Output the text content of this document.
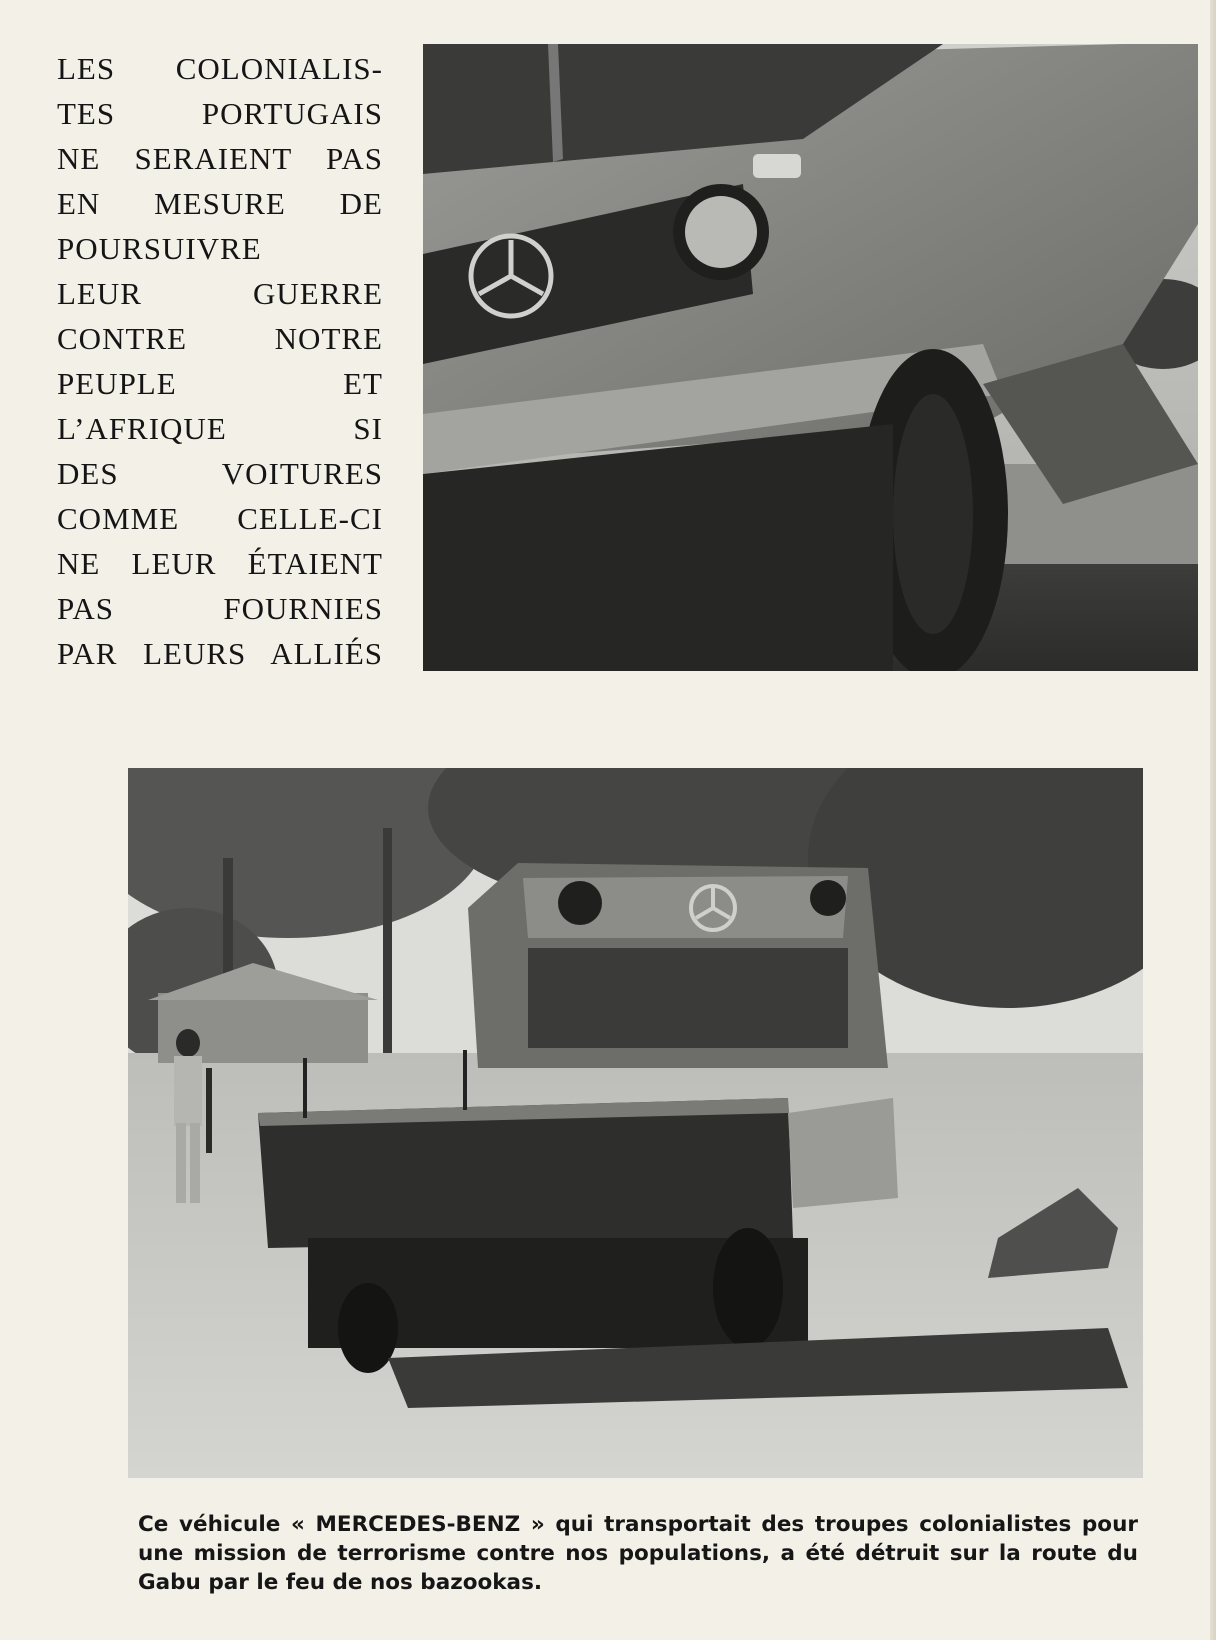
LES COLONIALIS-
TES PORTUGAIS
NE SERAIENT PAS
EN MESURE DE
POURSUIVRE
LEUR GUERRE
CONTRE NOTRE
PEUPLE ET
L’AFRIQUE SI
DES VOITURES
COMME CELLE-CI
NE LEUR ÉTAIENT
PAS FOURNIES
PAR LEURS ALLIÉS

Ce véhicule « MERCEDES-BENZ » qui transportait des troupes colonialistes pour une mission de terrorisme contre nos populations, a été détruit sur la route du Gabu par le feu de nos bazookas.
